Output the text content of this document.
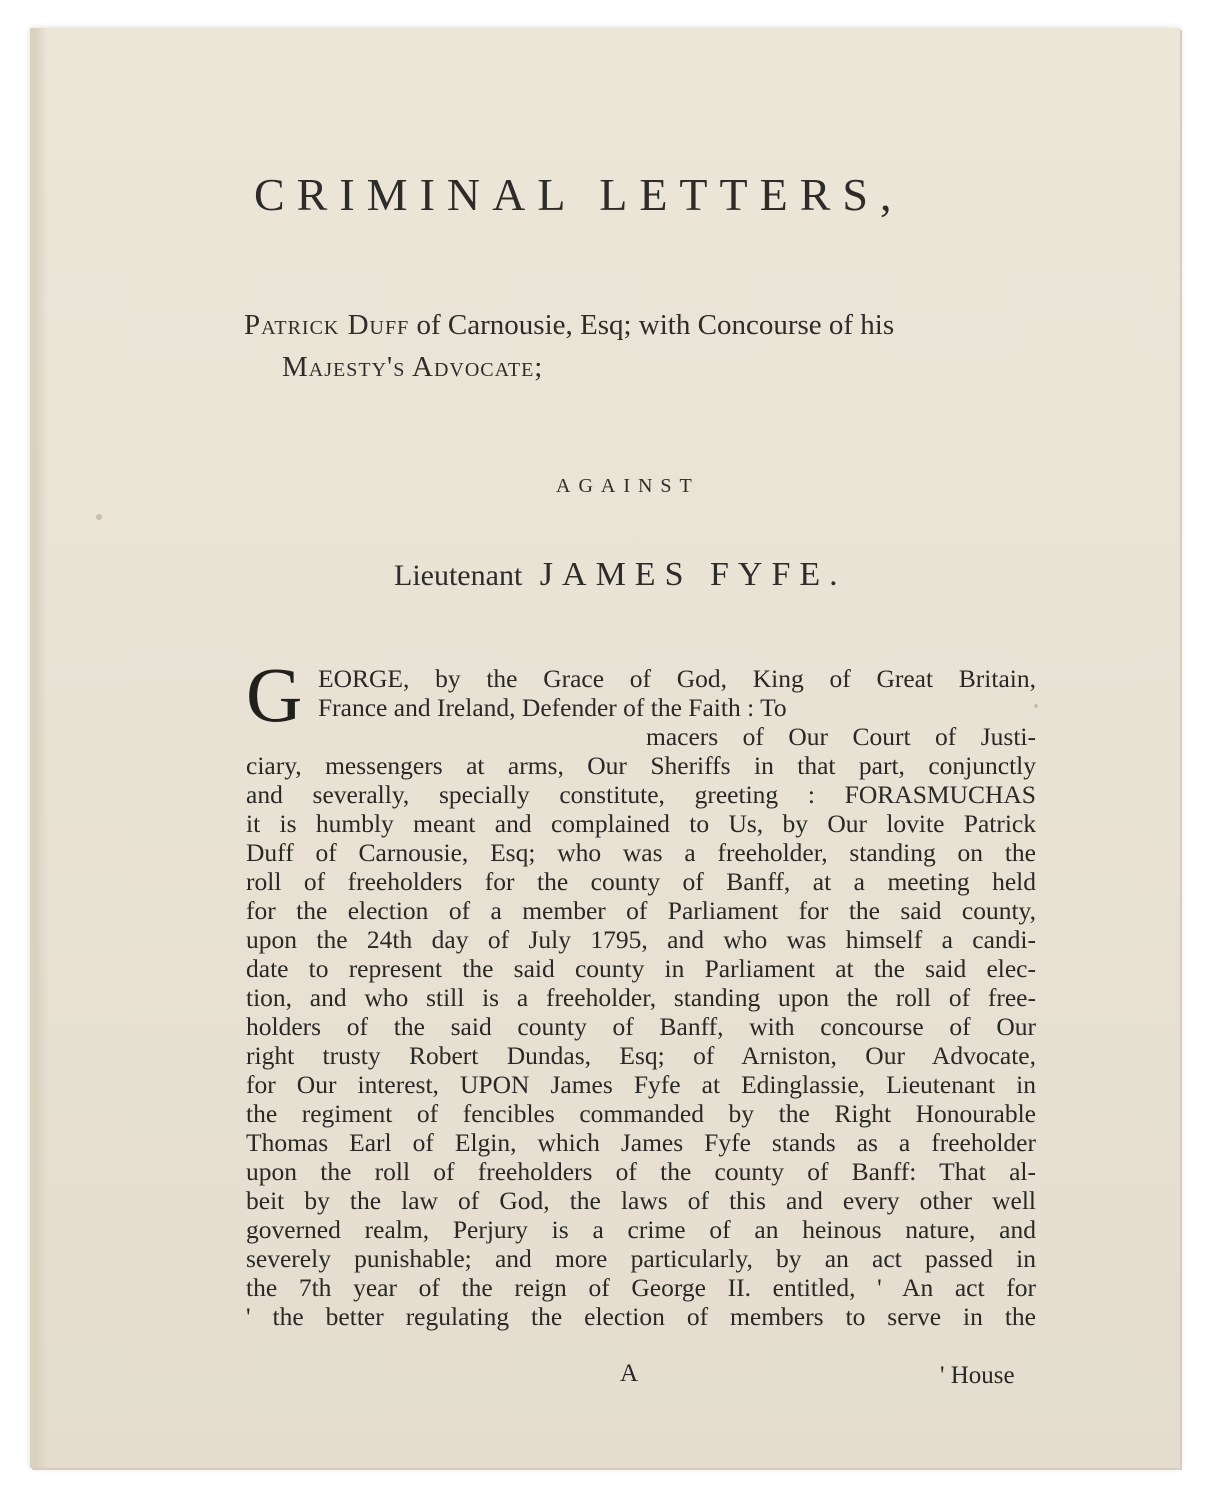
CRIMINAL LETTERS,
Patrick Duff of Carnousie, Esq; with Concourse of his
Majesty's Advocate;
AGAINST
Lieutenant JAMES FYFE.
G EORGE, by the Grace of God, King of Great Britain,
France and Ireland, Defender of the Faith : To
macers of Our Court of Justi-
ciary, messengers at arms, Our Sheriffs in that part, conjunctly
and severally, specially constitute, greeting : FORASMUCHAS
it is humbly meant and complained to Us, by Our lovite Patrick
Duff of Carnousie, Esq; who was a freeholder, standing on the
roll of freeholders for the county of Banff, at a meeting held
for the election of a member of Parliament for the said county,
upon the 24th day of July 1795, and who was himself a candi-
date to represent the said county in Parliament at the said elec-
tion, and who still is a freeholder, standing upon the roll of free-
holders of the said county of Banff, with concourse of Our
right trusty Robert Dundas, Esq; of Arniston, Our Advocate,
for Our interest, UPON James Fyfe at Edinglassie, Lieutenant in
the regiment of fencibles commanded by the Right Honourable
Thomas Earl of Elgin, which James Fyfe stands as a freeholder
upon the roll of freeholders of the county of Banff: That al-
beit by the law of God, the laws of this and every other well
governed realm, Perjury is a crime of an heinous nature, and
severely punishable; and more particularly, by an act passed in
the 7th year of the reign of George II. entitled, ' An act for
' the better regulating the election of members to serve in the
A	' House
